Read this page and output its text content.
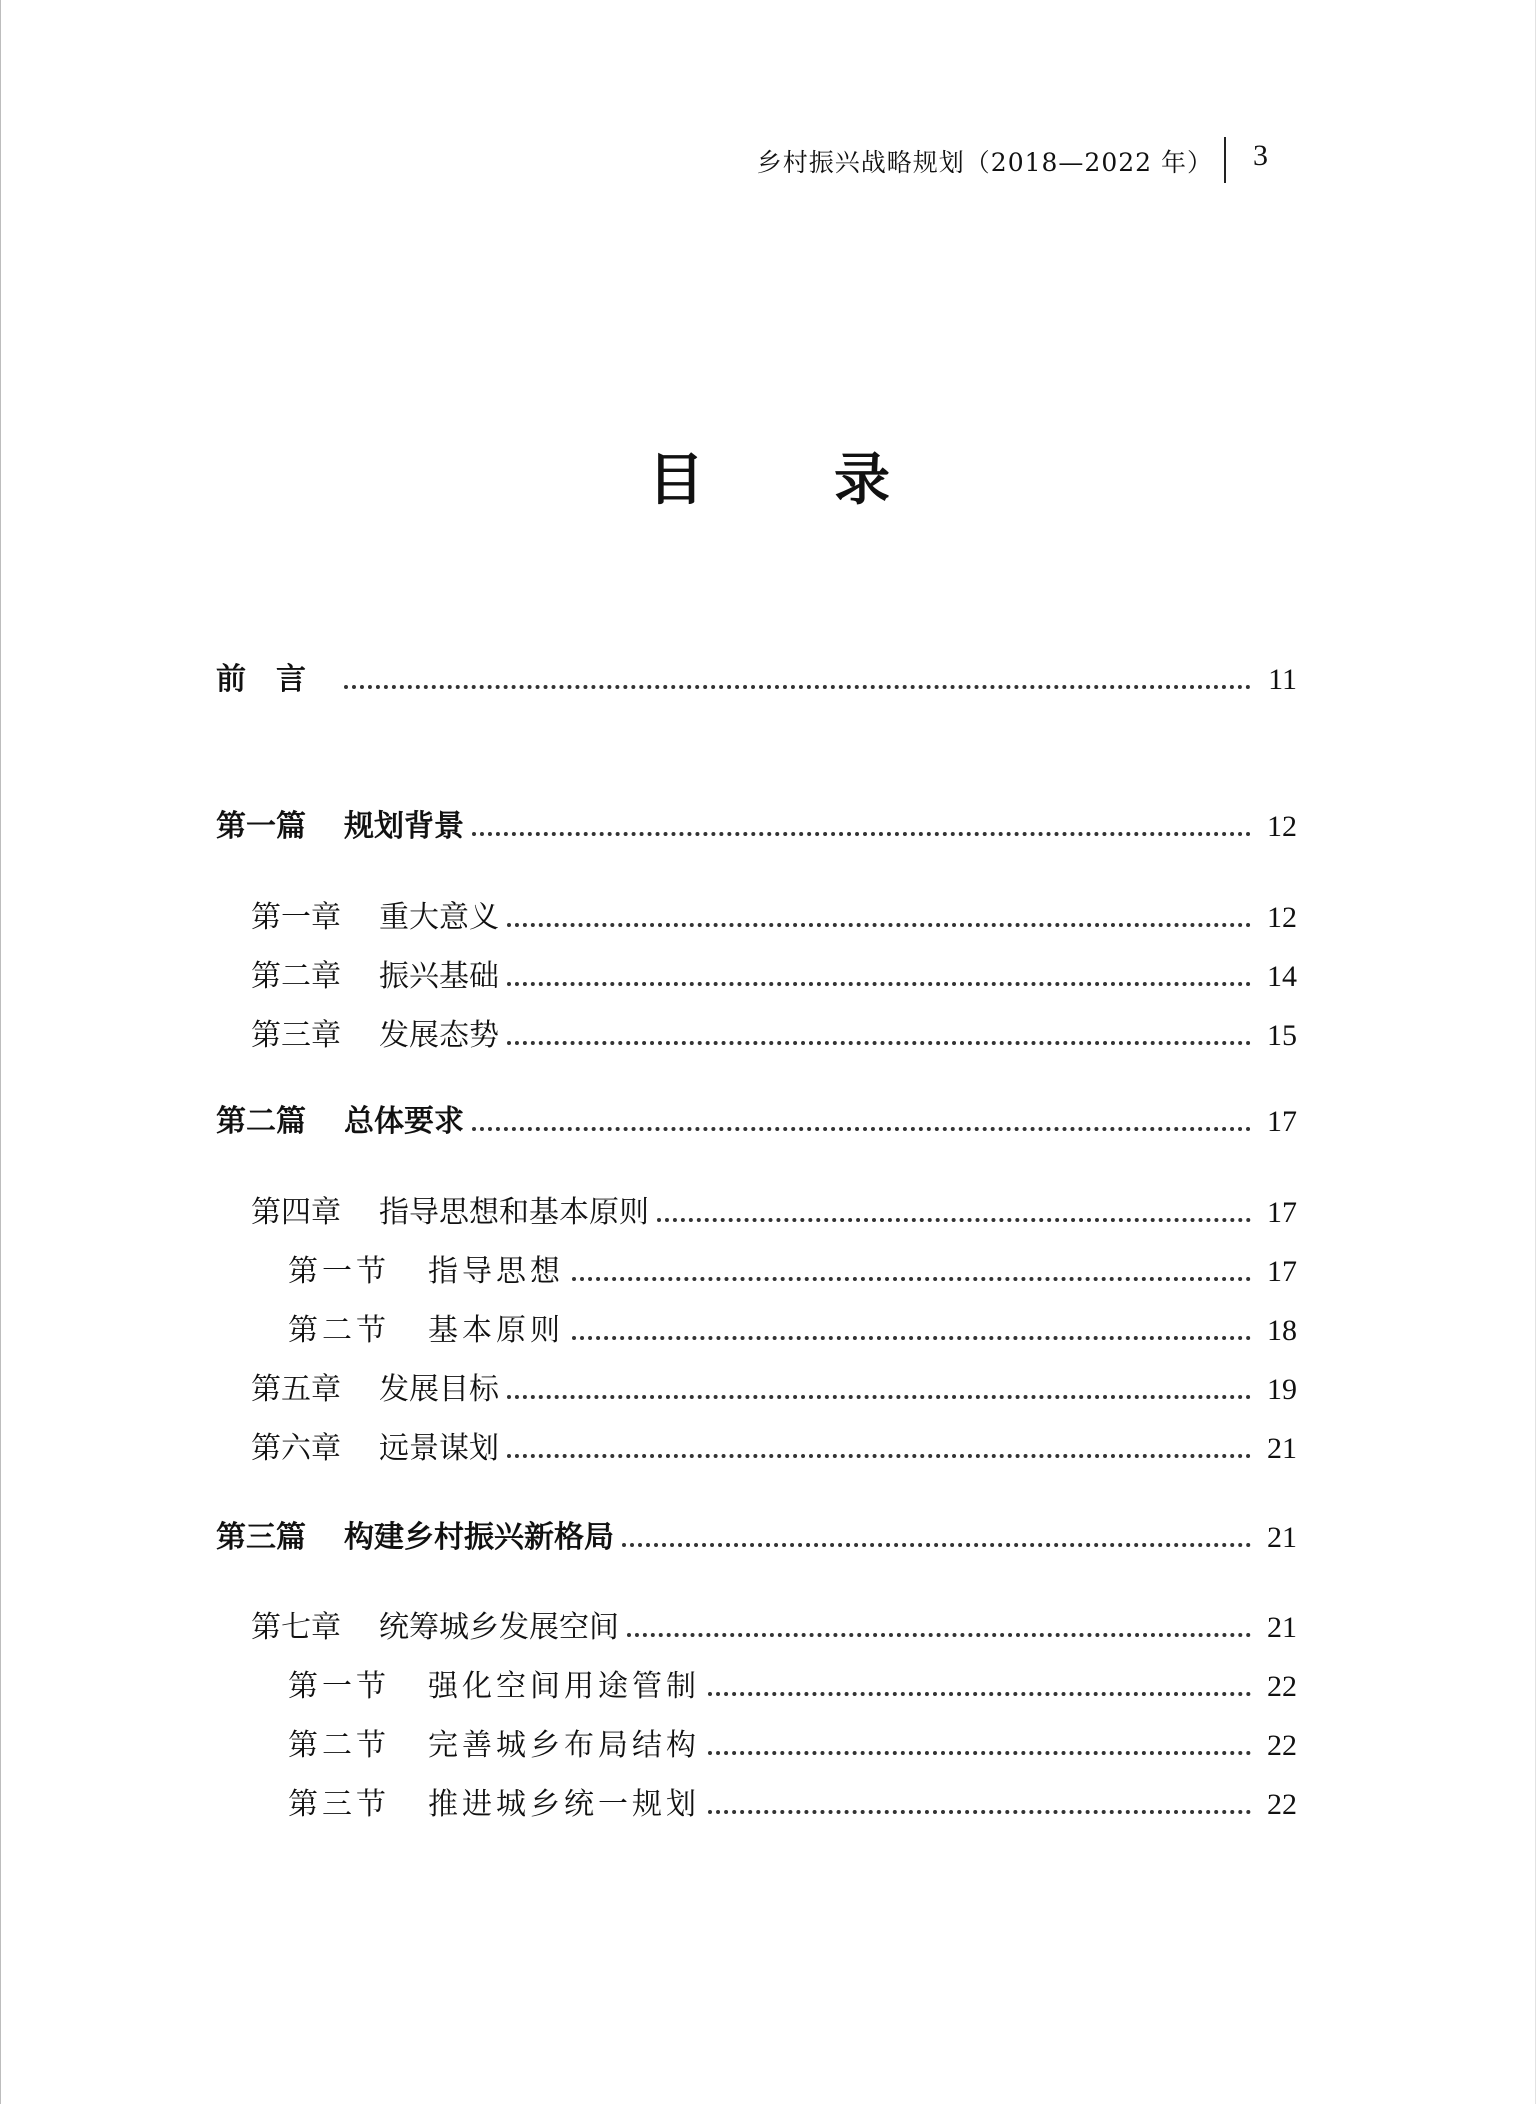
乡村振兴战略规划（2018—2022 年） 3
目录
前言	11
第一篇 规划背景	12
第一章 重大意义	12
第二章 振兴基础	14
第三章 发展态势	15
第二篇 总体要求	17
第四章 指导思想和基本原则	17
第一节 指导思想	17
第二节 基本原则	18
第五章 发展目标	19
第六章 远景谋划	21
第三篇 构建乡村振兴新格局	21
第七章 统筹城乡发展空间	21
第一节 强化空间用途管制	22
第二节 完善城乡布局结构	22
第三节 推进城乡统一规划	22
